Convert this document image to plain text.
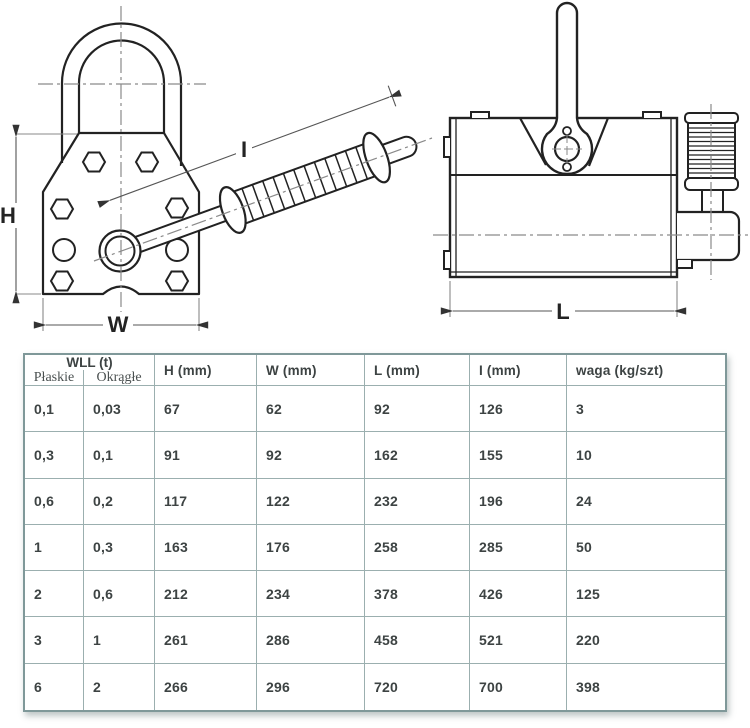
H
W
I
L
WLL (t)
Płaskie	Okrągłe	H (mm)	W (mm)	L (mm)	I (mm)	waga (kg/szt)
0,1	0,03	67	62	92	126	3
0,3	0,1	91	92	162	155	10
0,6	0,2	117	122	232	196	24
1	0,3	163	176	258	285	50
2	0,6	212	234	378	426	125
3	1	261	286	458	521	220
6	2	266	296	720	700	398
